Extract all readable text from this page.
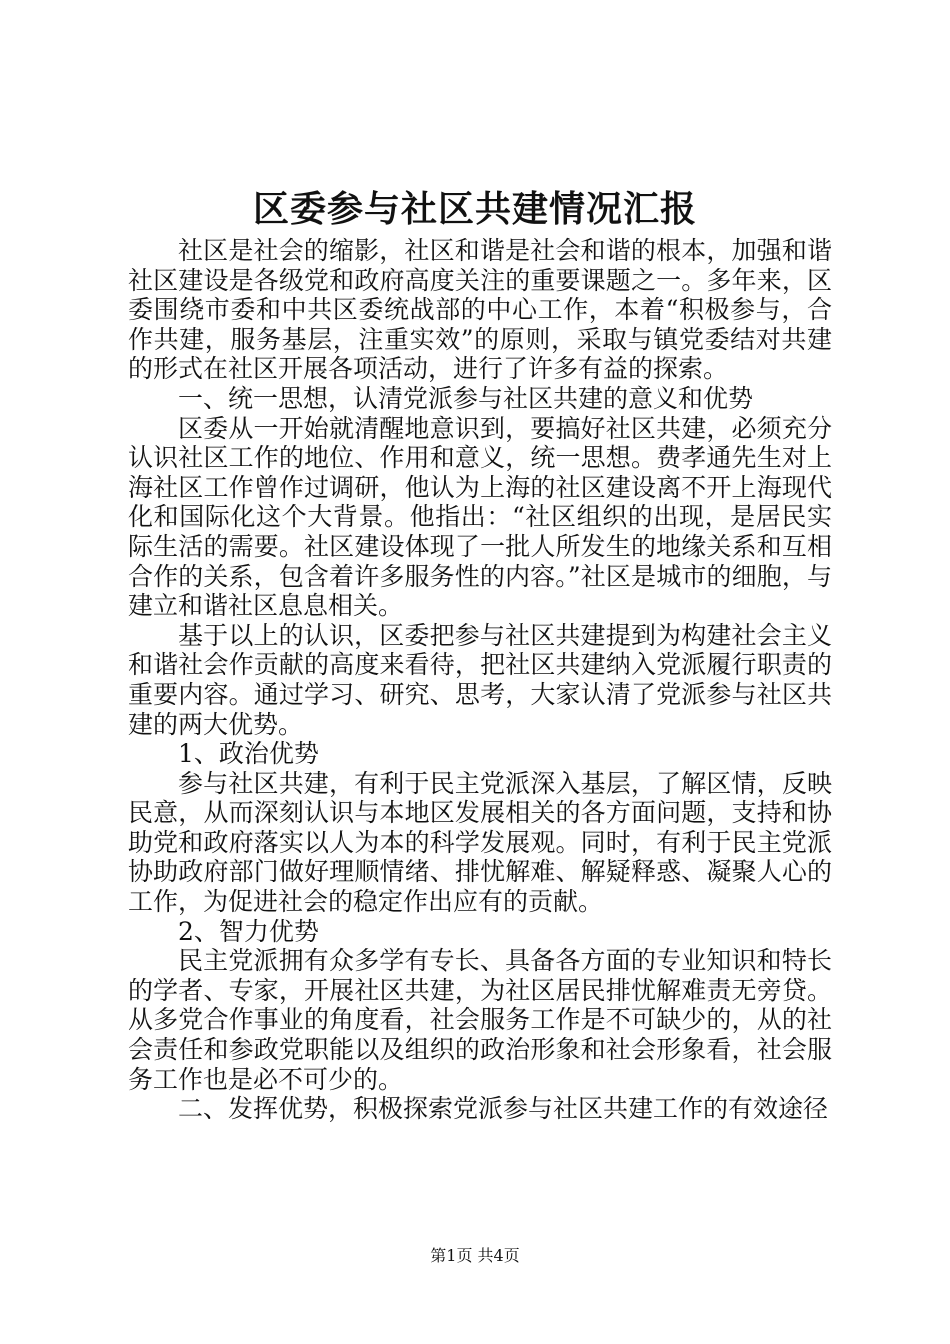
区委参与社区共建情况汇报

社区是社会的缩影，社区和谐是社会和谐的根本，加强和谐社区建设是各级党和政府高度关注的重要课题之一。多年来，区委围绕市委和中共区委统战部的中心工作，本着“积极参与，合作共建，服务基层，注重实效”的原则，采取与镇党委结对共建的形式在社区开展各项活动，进行了许多有益的探索。

一、统一思想，认清党派参与社区共建的意义和优势

区委从一开始就清醒地意识到，要搞好社区共建，必须充分认识社区工作的地位、作用和意义，统一思想。费孝通先生对上海社区工作曾作过调研，他认为上海的社区建设离不开上海现代化和国际化这个大背景。他指出：“社区组织的出现，是居民实际生活的需要。社区建设体现了一批人所发生的地缘关系和互相合作的关系，包含着许多服务性的内容。”社区是城市的细胞，与建立和谐社区息息相关。

基于以上的认识，区委把参与社区共建提到为构建社会主义和谐社会作贡献的高度来看待，把社区共建纳入党派履行职责的重要内容。通过学习、研究、思考，大家认清了党派参与社区共建的两大优势。

1、政治优势

参与社区共建，有利于民主党派深入基层，了解区情，反映民意，从而深刻认识与本地区发展相关的各方面问题，支持和协助党和政府落实以人为本的科学发展观。同时，有利于民主党派协助政府部门做好理顺情绪、排忧解难、解疑释惑、凝聚人心的工作，为促进社会的稳定作出应有的贡献。

2、智力优势

民主党派拥有众多学有专长、具备各方面的专业知识和特长的学者、专家，开展社区共建，为社区居民排忧解难责无旁贷。从多党合作事业的角度看，社会服务工作是不可缺少的，从的社会责任和参政党职能以及组织的政治形象和社会形象看，社会服务工作也是必不可少的。

二、发挥优势，积极探索党派参与社区共建工作的有效途径

第1页 共4页
